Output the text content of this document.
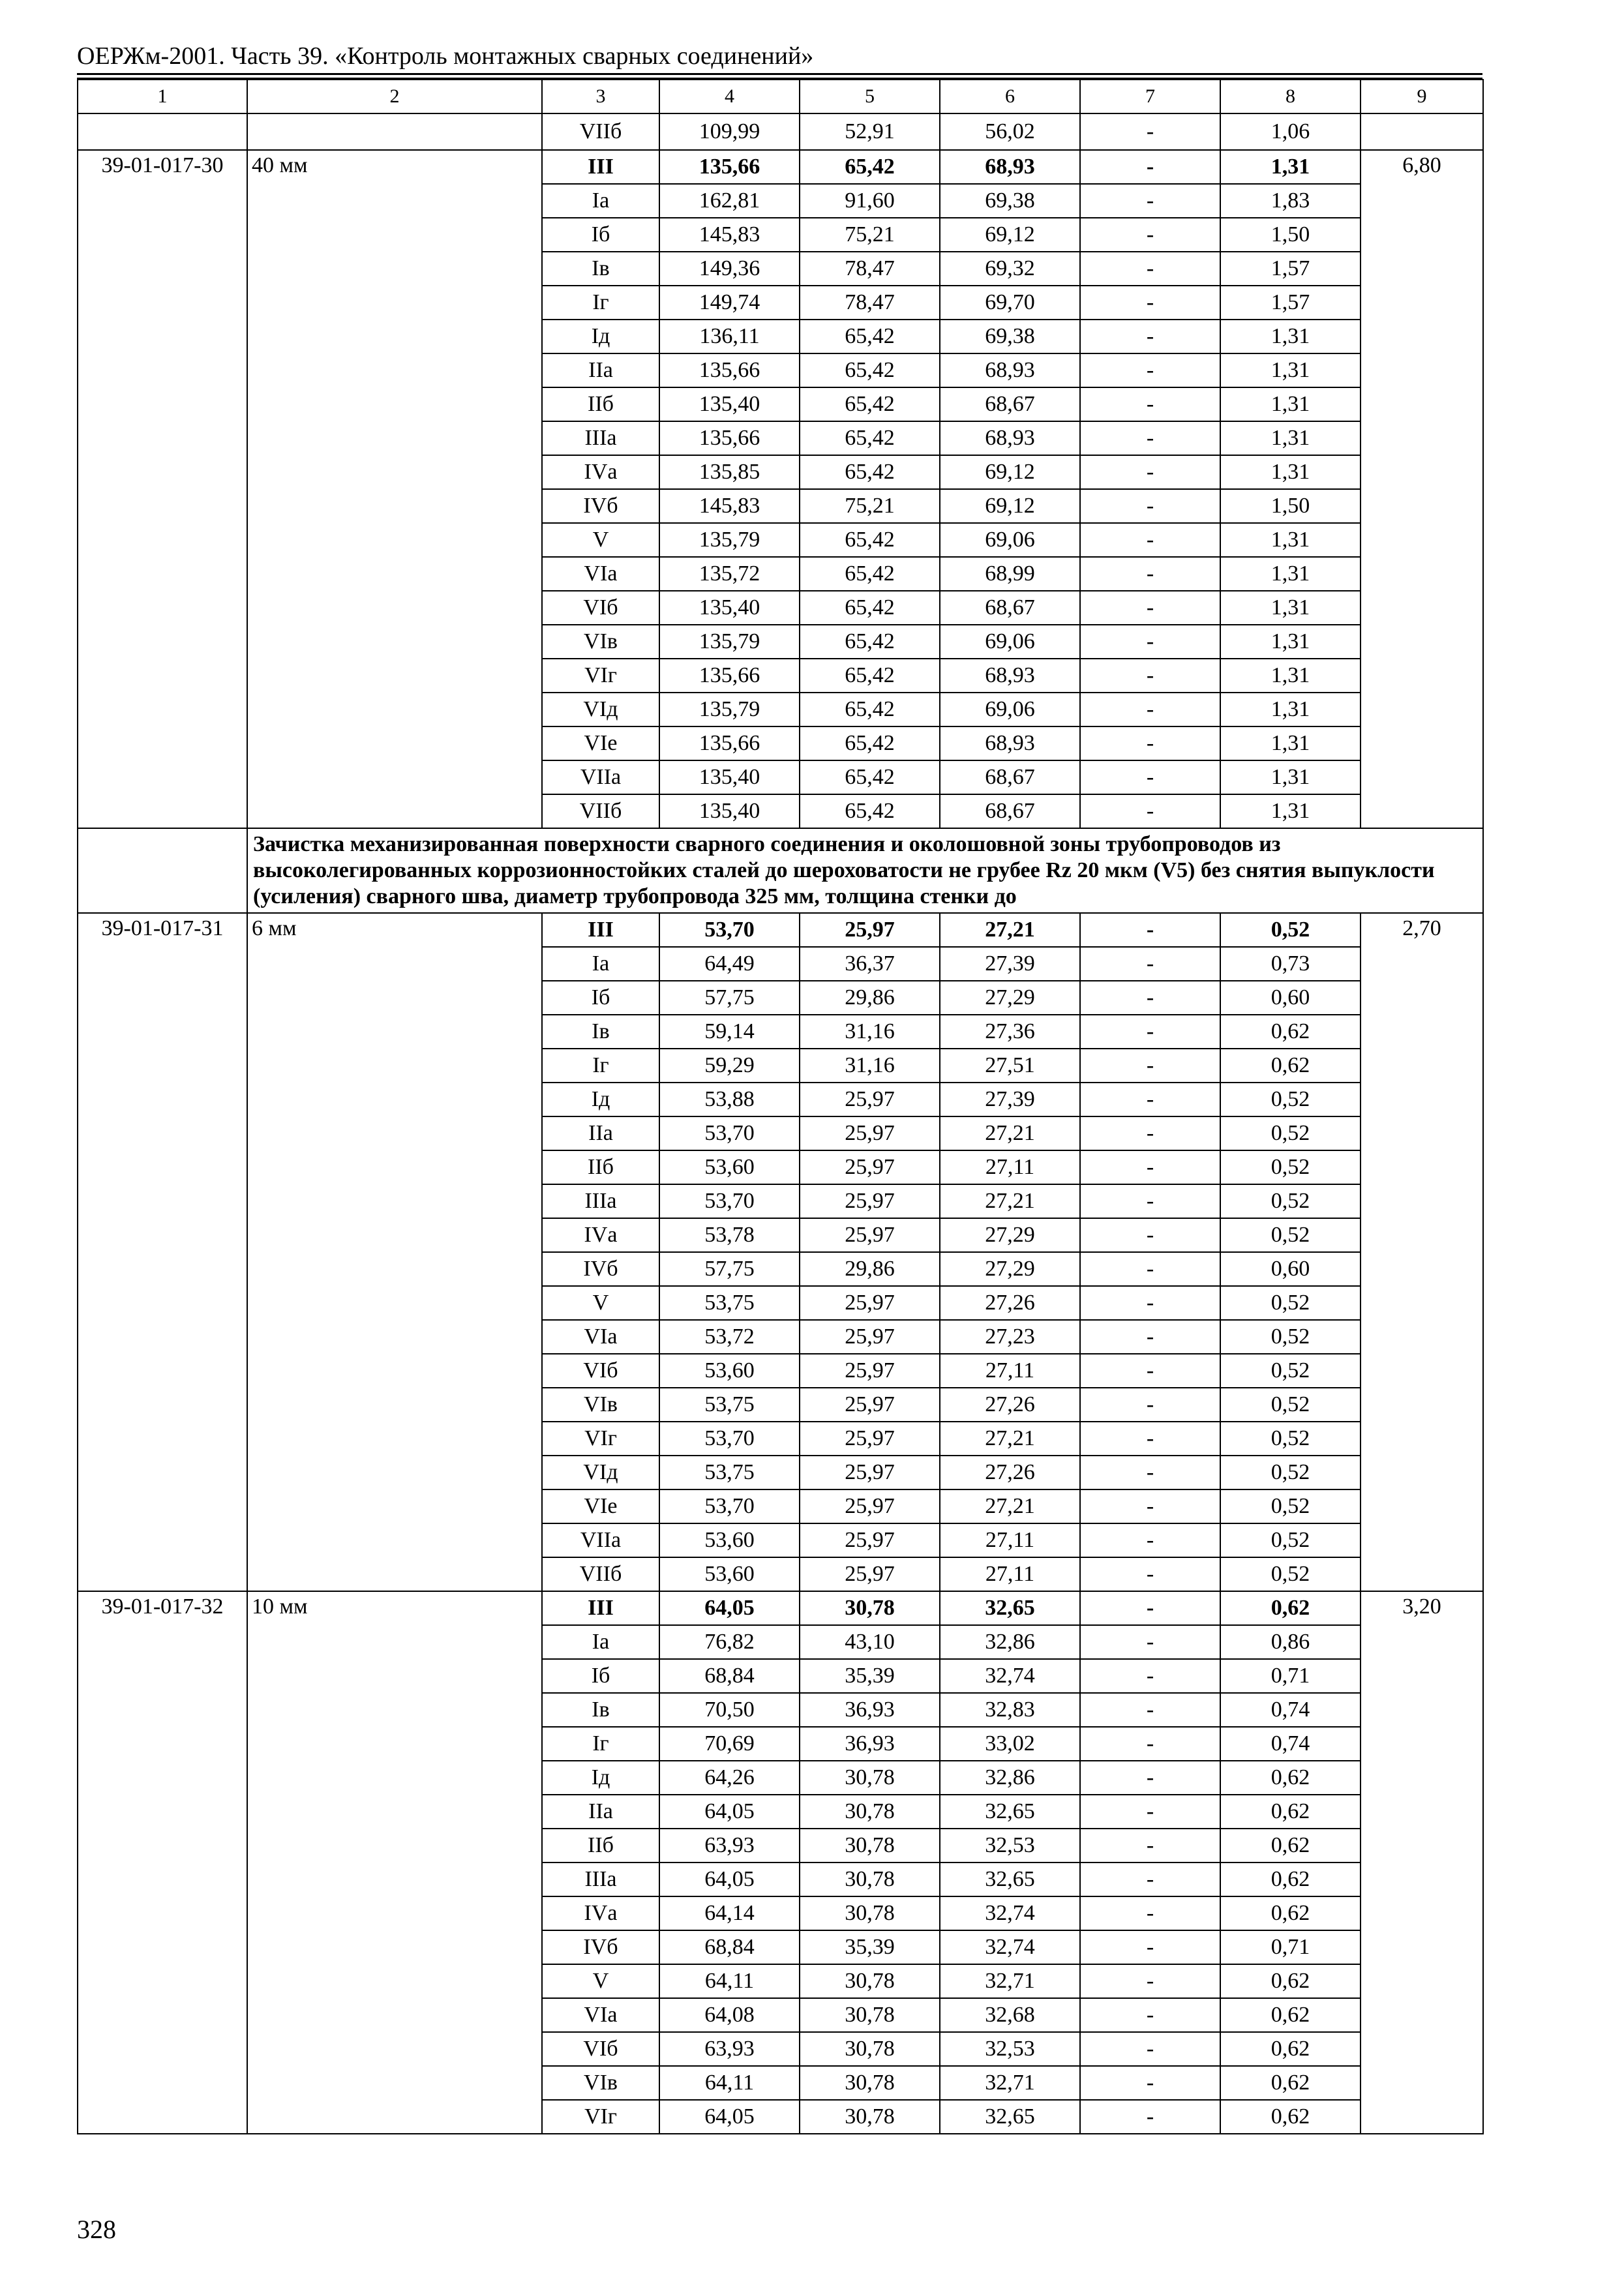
ОЕРЖм-2001. Часть 39. «Контроль монтажных сварных соединений»
1	2	3	4	5	6	7	8	9
		VIIб	109,99	52,91	56,02	-	1,06	
39-01-017-30	40 мм	III	135,66	65,42	68,93	-	1,31	6,80
		Iа	162,81	91,60	69,38	-	1,83	
		Iб	145,83	75,21	69,12	-	1,50	
		Iв	149,36	78,47	69,32	-	1,57	
		Iг	149,74	78,47	69,70	-	1,57	
		Iд	136,11	65,42	69,38	-	1,31	
		IIа	135,66	65,42	68,93	-	1,31	
		IIб	135,40	65,42	68,67	-	1,31	
		IIIа	135,66	65,42	68,93	-	1,31	
		IVа	135,85	65,42	69,12	-	1,31	
		IVб	145,83	75,21	69,12	-	1,50	
		V	135,79	65,42	69,06	-	1,31	
		VIа	135,72	65,42	68,99	-	1,31	
		VIб	135,40	65,42	68,67	-	1,31	
		VIв	135,79	65,42	69,06	-	1,31	
		VIг	135,66	65,42	68,93	-	1,31	
		VIд	135,79	65,42	69,06	-	1,31	
		VIе	135,66	65,42	68,93	-	1,31	
		VIIа	135,40	65,42	68,67	-	1,31	
		VIIб	135,40	65,42	68,67	-	1,31	
	Зачистка механизированная поверхности сварного соединения и околошовной зоны трубопроводов из высоколегированных коррозионностойких сталей до шероховатости не грубее Rz 20 мкм (V5) без снятия выпуклости (усиления) сварного шва, диаметр трубопровода 325 мм, толщина стенки до							
39-01-017-31	6 мм	III	53,70	25,97	27,21	-	0,52	2,70
		Iа	64,49	36,37	27,39	-	0,73	
		Iб	57,75	29,86	27,29	-	0,60	
		Iв	59,14	31,16	27,36	-	0,62	
		Iг	59,29	31,16	27,51	-	0,62	
		Iд	53,88	25,97	27,39	-	0,52	
		IIа	53,70	25,97	27,21	-	0,52	
		IIб	53,60	25,97	27,11	-	0,52	
		IIIа	53,70	25,97	27,21	-	0,52	
		IVа	53,78	25,97	27,29	-	0,52	
		IVб	57,75	29,86	27,29	-	0,60	
		V	53,75	25,97	27,26	-	0,52	
		VIа	53,72	25,97	27,23	-	0,52	
		VIб	53,60	25,97	27,11	-	0,52	
		VIв	53,75	25,97	27,26	-	0,52	
		VIг	53,70	25,97	27,21	-	0,52	
		VIд	53,75	25,97	27,26	-	0,52	
		VIе	53,70	25,97	27,21	-	0,52	
		VIIа	53,60	25,97	27,11	-	0,52	
		VIIб	53,60	25,97	27,11	-	0,52	
39-01-017-32	10 мм	III	64,05	30,78	32,65	-	0,62	3,20
		Iа	76,82	43,10	32,86	-	0,86	
		Iб	68,84	35,39	32,74	-	0,71	
		Iв	70,50	36,93	32,83	-	0,74	
		Iг	70,69	36,93	33,02	-	0,74	
		Iд	64,26	30,78	32,86	-	0,62	
		IIа	64,05	30,78	32,65	-	0,62	
		IIб	63,93	30,78	32,53	-	0,62	
		IIIа	64,05	30,78	32,65	-	0,62	
		IVа	64,14	30,78	32,74	-	0,62	
		IVб	68,84	35,39	32,74	-	0,71	
		V	64,11	30,78	32,71	-	0,62	
		VIа	64,08	30,78	32,68	-	0,62	
		VIб	63,93	30,78	32,53	-	0,62	
		VIв	64,11	30,78	32,71	-	0,62	
		VIг	64,05	30,78	32,65	-	0,62	
328
